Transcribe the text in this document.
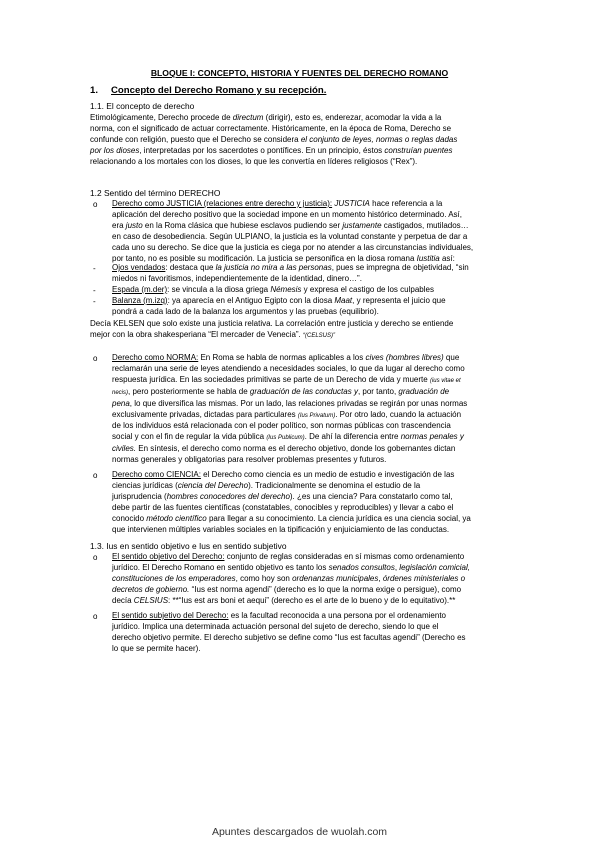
BLOQUE I: CONCEPTO, HISTORIA Y FUENTES DEL DERECHO ROMANO
1. Concepto del Derecho Romano y su recepción.
1.1. El concepto de derecho
Etimológicamente, Derecho procede de directum (dirigir), esto es, enderezar, acomodar la vida a la
norma, con el significado de actuar correctamente. Históricamente, en la época de Roma, Derecho se
confunde con religión, puesto que el Derecho se considera el conjunto de leyes, normas o reglas dadas
por los dioses, interpretadas por los sacerdotes o pontífices. En un principio, éstos construían puentes
relacionando a los mortales con los dioses, lo que les convertía en líderes religiosos (“Rex”).
1.2 Sentido del término DERECHO
o Derecho como JUSTICIA (relaciones entre derecho y justicia): JUSTICIA hace referencia a la
aplicación del derecho positivo que la sociedad impone en un momento histórico determinado. Así,
era justo en la Roma clásica que hubiese esclavos pudiendo ser justamente castigados, mutilados…
en caso de desobediencia. Según ULPIANO, la justicia es la voluntad constante y perpetua de dar a
cada uno su derecho. Se dice que la justicia es ciega por no atender a las circunstancias individuales,
por tanto, no es posible su modificación. La justicia se personifica en la diosa romana Iustitia así:
- Ojos vendados: destaca que la justicia no mira a las personas, pues se impregna de objetividad, “sin
miedos ni favoritismos, independientemente de la identidad, dinero…”.
- Espada (m.der): se vincula a la diosa griega Némesis y expresa el castigo de los culpables
- Balanza (m.izq): ya aparecía en el Antiguo Egipto con la diosa Maat, y representa el juicio que
pondrá a cada lado de la balanza los argumentos y las pruebas (equilibrio).
Decía KELSEN que solo existe una justicia relativa. La correlación entre justicia y derecho se entiende
mejor con la obra shakesperiana “El mercader de Venecia”. “(CELSUS)”
o Derecho como NORMA: En Roma se habla de normas aplicables a los cives (hombres libres) que
reclamarán una serie de leyes atendiendo a necesidades sociales, lo que da lugar al derecho como
respuesta jurídica. En las sociedades primitivas se parte de un Derecho de vida y muerte (ius vitae et
necis), pero posteriormente se habla de graduación de las conductas y, por tanto, graduación de
pena, lo que diversifica las mismas. Por un lado, las relaciones privadas se regirán por unas normas
exclusivamente privadas, dictadas para particulares (Ius Privatum). Por otro lado, cuando la actuación
de los individuos está relacionada con el poder político, son normas públicas con trascendencia
social y con el fin de regular la vida pública (Ius Publicum). De ahí la diferencia entre normas penales y
civiles. En síntesis, el derecho como norma es el derecho objetivo, donde los gobernantes dictan
normas generales y obligatorias para resolver problemas presentes y futuros.
o Derecho como CIENCIA: el Derecho como ciencia es un medio de estudio e investigación de las
ciencias jurídicas (ciencia del Derecho). Tradicionalmente se denomina el estudio de la
jurisprudencia (hombres conocedores del derecho). ¿es una ciencia? Para constatarlo como tal,
debe partir de las fuentes científicas (constatables, conocibles y reproducibles) y llevar a cabo el
conocido método científico para llegar a su conocimiento. La ciencia jurídica es una ciencia social, ya
que intervienen múltiples variables sociales en la tipificación y enjuiciamiento de las conductas.
1.3. Ius en sentido objetivo e Ius en sentido subjetivo
o El sentido objetivo del Derecho: conjunto de reglas consideradas en sí mismas como ordenamiento
jurídico. El Derecho Romano en sentido objetivo es tanto los senados consultos, legislación comicial,
constituciones de los emperadores, como hoy son ordenanzas municipales, órdenes ministeriales o
decretos de gobierno. “Ius est norma agendi” (derecho es lo que la norma exige o persigue), como
decía CELSIUS: **“Ius est ars boni et aequi” (derecho es el arte de lo bueno y de lo equitativo).**
o El sentido subjetivo del Derecho: es la facultad reconocida a una persona por el ordenamiento
jurídico. Implica una determinada actuación personal del sujeto de derecho, siendo lo que el
derecho objetivo permite. El derecho subjetivo se define como “Ius est facultas agendi” (Derecho es
lo que se permite hacer).
Apuntes descargados de wuolah.com
